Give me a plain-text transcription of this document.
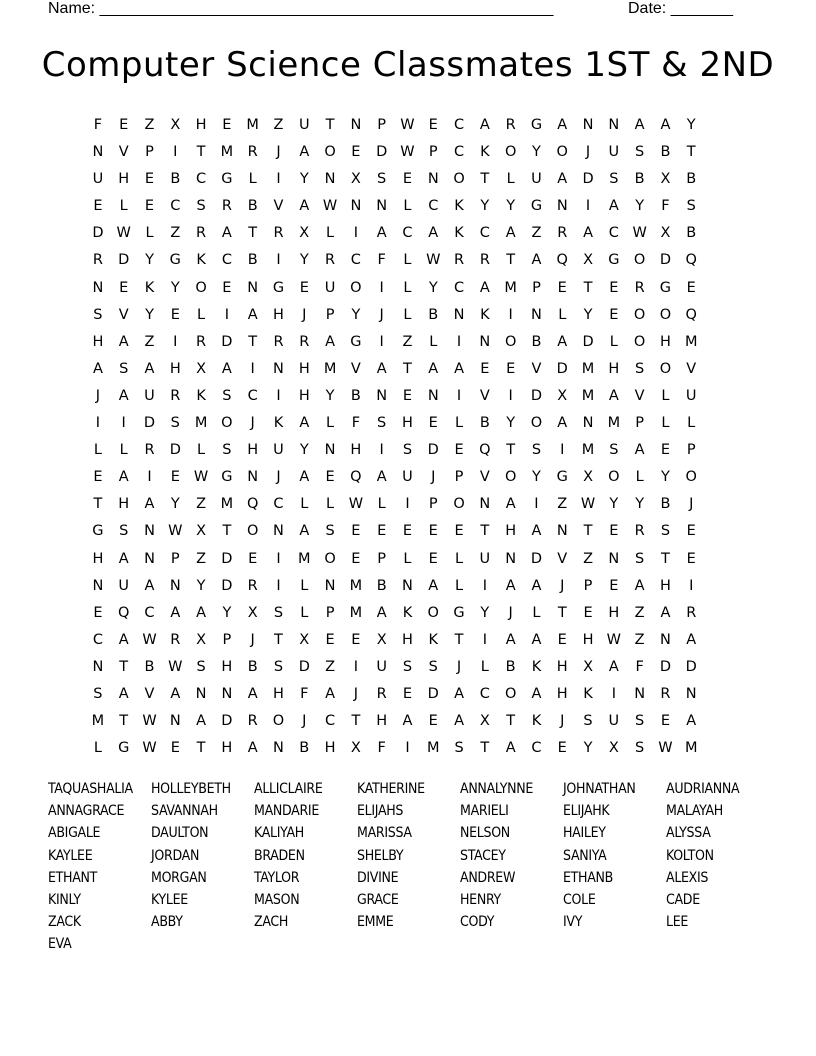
Name: ___________________________________________________	Date: _______
Computer Science Classmates 1ST & 2ND
F	E	Z	X	H	E	M	Z	U	T	N	P W E	C	A	R	G	A	N	N	A	A	Y
N	V	P	I	T	M	R	J	A	O	E	D W P	C	K	O	Y	O	J	U	S	B	T
U	H	E	B	C	G	L	I	Y	N	X	S	E	N	O	T	L	U	A	D	S	B	X	B
E	L	E	C	S	R	B	V	A W N	N	L	C	K	Y	Y	G	N	I	A	Y	F	S
D W	L	Z	R	A	T	R	X	L	I	A	C	A	K	C	A	Z	R	A	C W X	B
R	D	Y	G	K	C	B	I	Y	R	C	F	L	W R	R	T	A	Q	X	G O	D	Q
N	E	K	Y	O	E	N	G	E	U	O	I	L	Y	C	A	M	P	E	T	E	R	G	E
S	V	Y	E	L	I	A	H	J	P	Y	J	L	B	N	K	I	N	L	Y	E	O O Q
H	A	Z	I	R	D	T	R	R	A	G	I	Z	L	I	N	O	B	A	D	L	O	H M
A	S	A	H	X	A	I	N	H M	V	A	T	A	A	E	E	V	D M H	S	O	V
J	A	U	R	K	S	C	I	H	Y	B	N	E	N	I	V	I	D	X	M	A	V	L	U
I	I	D	S	M O	J	K	A	L	F	S	H	E	L	B	Y	O	A	N M	P	L	L
L	L	R	D	L	S	H	U	Y	N	H	I	S	D	E	Q	T	S	I	M	S	A	E	P
E	A	I	E W G	N	J	A	E	Q	A	U	J	P	V	O	Y	G	X	O	L	Y	O
T	H	A	Y	Z	M Q	C	L	L	W	L	I	P	O	N	A	I	Z W Y	Y	B	J
G	S	N W X	T	O	N	A	S	E	E	E	E	E	T	H	A	N	T	E	R	S	E
H	A	N	P	Z	D	E	I	M O	E	P	L	E	L	U	N	D	V	Z	N	S	T	E
N	U	A	N	Y	D	R	I	L	N M	B	N	A	L	I	A	A	J	P	E	A	H	I
E	Q	C	A	A	Y	X	S	L	P	M	A	K	O G	Y	J	L	T	E	H	Z	A	R
C	A W R	X	P	J	T	X	E	E	X	H	K	T	I	A	A	E	H W Z	N	A
N	T	B W S	H	B	S	D	Z	I	U	S	S	J	L	B	K	H	X	A	F	D	D
S	A	V	A	N	N	A	H	F	A	J	R	E	D	A	C	O	A	H	K	I	N	R	N
M	T W N	A	D	R	O	J	C	T	H	A	E	A	X	T	K	J	S	U	S	E	A
L	G W E	T	H	A	N	B	H	X	F	I	M	S	T	A	C	E	Y	X	S W M
TAQUASHALIA	HOLLEYBETH	ALLICLAIRE	KATHERINE	ANNALYNNE	JOHNATHAN	AUDRIANNA
ANNAGRACE	SAVANNAH	MANDARIE	ELIJAHS	MARIELI	ELIJAHK	MALAYAH
ABIGALE	DAULTON	KALIYAH	MARISSA	NELSON	HAILEY	ALYSSA
KAYLEE	JORDAN	BRADEN	SHELBY	STACEY	SANIYA	KOLTON
ETHANT	MORGAN	TAYLOR	DIVINE	ANDREW	ETHANB	ALEXIS
KINLY	KYLEE	MASON	GRACE	HENRY	COLE	CADE
ZACK	ABBY	ZACH	EMME	CODY	IVY	LEE
EVA
